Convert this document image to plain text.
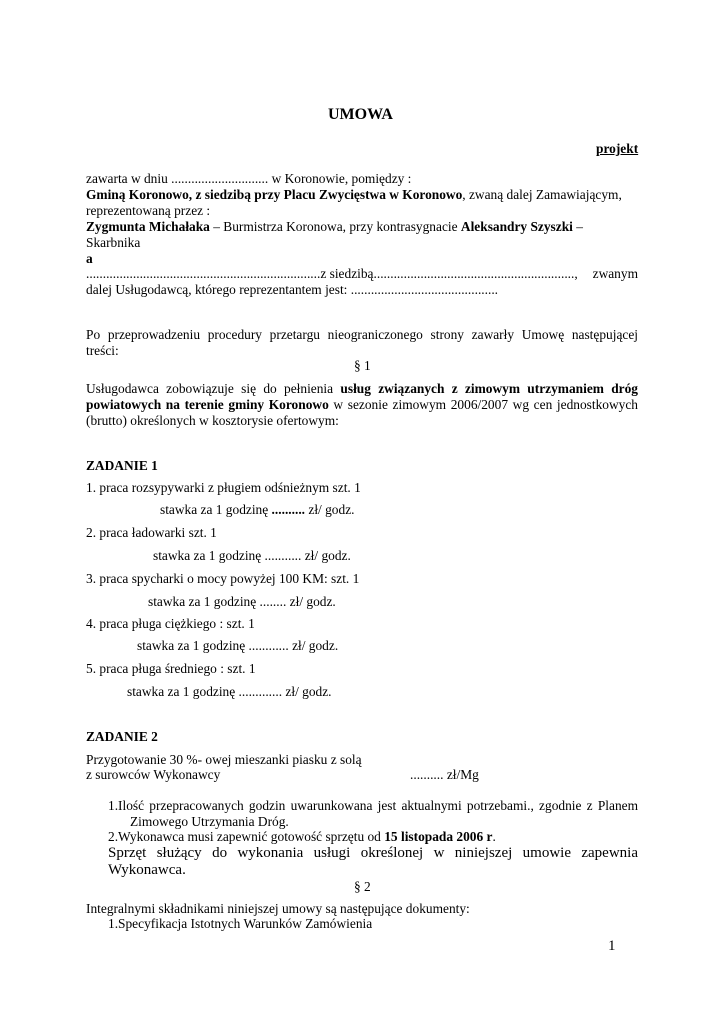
UMOWA
projekt
zawarta w dniu ............................. w Koronowie, pomiędzy :
Gminą Koronowo, z siedzibą przy Placu Zwycięstwa w Koronowo, zwaną dalej Zamawiającym,
reprezentowaną przez :
Zygmunta Michałaka – Burmistrza Koronowa, przy kontrasygnacie Aleksandry Szyszki –
Skarbnika
a
......................................................................z siedzibą............................................................, zwanym
dalej Usługodawcą, którego reprezentantem jest: ............................................
Po przeprowadzeniu procedury przetargu nieograniczonego strony zawarły Umowę następującej
treści:
§ 1
Usługodawca zobowiązuje się do pełnienia usług związanych z zimowym utrzymaniem dróg
powiatowych na terenie gminy Koronowo w sezonie zimowym 2006/2007 wg cen jednostkowych
(brutto) określonych w kosztorysie ofertowym:
ZADANIE 1
1. praca rozsypywarki z pługiem odśnieżnym szt. 1
stawka za 1 godzinę .......... zł/ godz.
2. praca ładowarki szt. 1
stawka za 1 godzinę ........... zł/ godz.
3. praca spycharki o mocy powyżej 100 KM: szt. 1
stawka za 1 godzinę ........ zł/ godz.
4. praca pługa ciężkiego : szt. 1
stawka za 1 godzinę ............ zł/ godz.
5. praca pługa średniego : szt. 1
stawka za 1 godzinę ............. zł/ godz.
ZADANIE 2
Przygotowanie 30 %- owej mieszanki piasku z solą
z surowców Wykonawcy	.......... zł/Mg
1.Ilość przepracowanych godzin uwarunkowana jest aktualnymi potrzebami., zgodnie z Planem
Zimowego Utrzymania Dróg.
2.Wykonawca musi zapewnić gotowość sprzętu od 15 listopada 2006 r.
Sprzęt służący do wykonania usługi określonej w niniejszej umowie zapewnia
Wykonawca.
§ 2
Integralnymi składnikami niniejszej umowy są następujące dokumenty:
1.Specyfikacja Istotnych Warunków Zamówienia
1
